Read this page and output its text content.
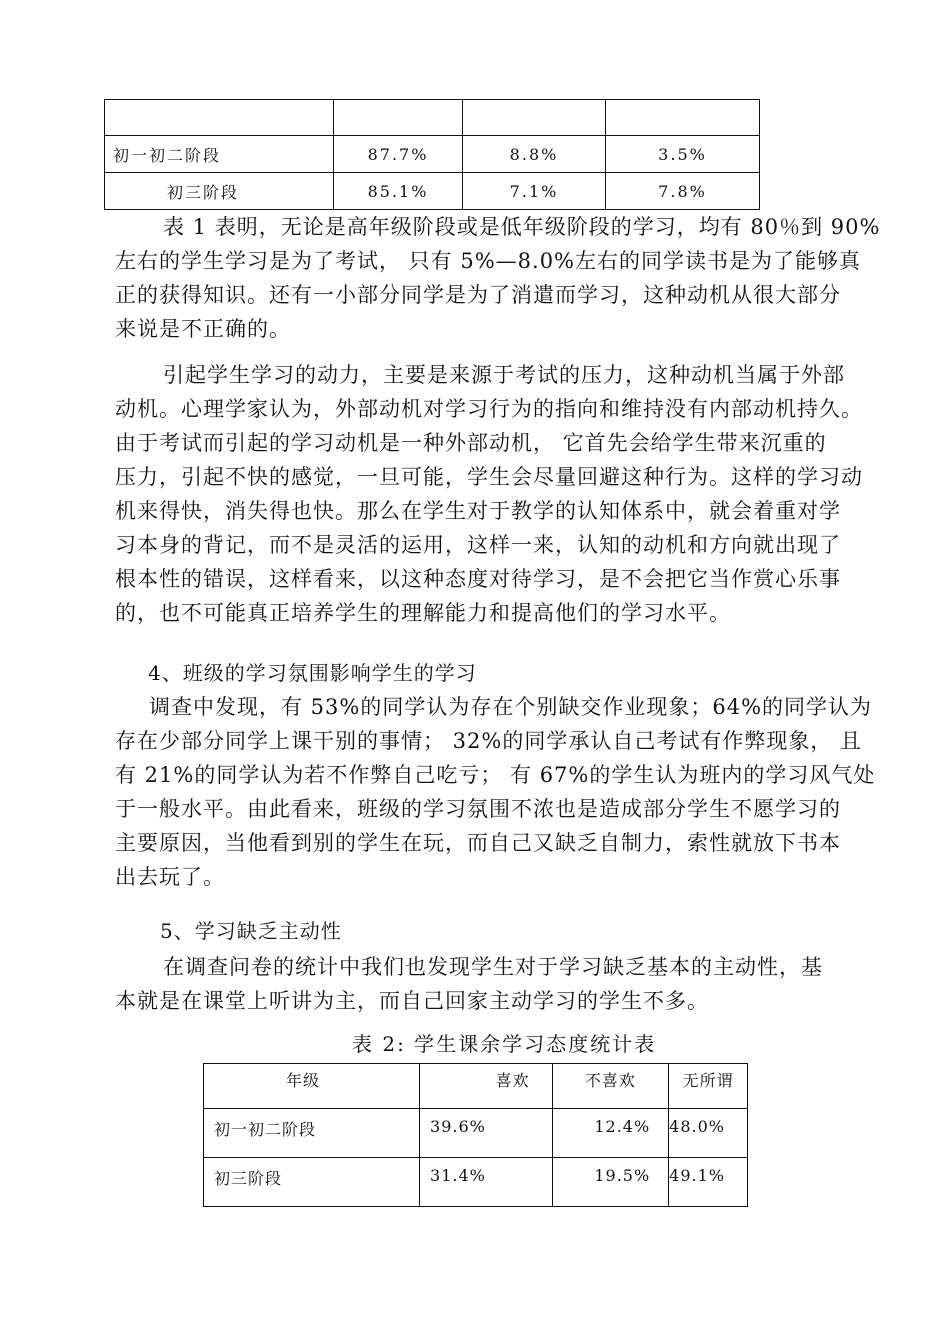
初一初二阶段	87.7%	8.8%	3.5%
初三阶段	85.1%	7.1%	7.8%
表 1 表明，无论是高年级阶段或是低年级阶段的学习，均有 80％到 90%
左右的学生学习是为了考试， 只有 5%—8.0%左右的同学读书是为了能够真
正的获得知识。还有一小部分同学是为了消遣而学习，这种动机从很大部分
来说是不正确的。
引起学生学习的动力，主要是来源于考试的压力，这种动机当属于外部
动机。心理学家认为，外部动机对学习行为的指向和维持没有内部动机持久。
由于考试而引起的学习动机是一种外部动机， 它首先会给学生带来沉重的
压力，引起不快的感觉，一旦可能，学生会尽量回避这种行为。这样的学习动
机来得快，消失得也快。那么在学生对于教学的认知体系中，就会着重对学
习本身的背记，而不是灵活的运用，这样一来，认知的动机和方向就出现了
根本性的错误，这样看来，以这种态度对待学习，是不会把它当作赏心乐事
的，也不可能真正培养学生的理解能力和提高他们的学习水平。
4、班级的学习氛围影响学生的学习
调查中发现，有 53%的同学认为存在个别缺交作业现象；64%的同学认为
存在少部分同学上课干别的事情； 32%的同学承认自己考试有作弊现象， 且
有 21%的同学认为若不作弊自己吃亏； 有 67%的学生认为班内的学习风气处
于一般水平。由此看来，班级的学习氛围不浓也是造成部分学生不愿学习的
主要原因，当他看到别的学生在玩，而自己又缺乏自制力，索性就放下书本
出去玩了。
5、学习缺乏主动性
在调查问卷的统计中我们也发现学生对于学习缺乏基本的主动性，基
本就是在课堂上听讲为主，而自己回家主动学习的学生不多。
表 2: 学生课余学习态度统计表
年级	喜欢	不喜欢	无所谓
初一初二阶段	39.6%	12.4%	48.0%
初三阶段	31.4%	19.5%	49.1%
